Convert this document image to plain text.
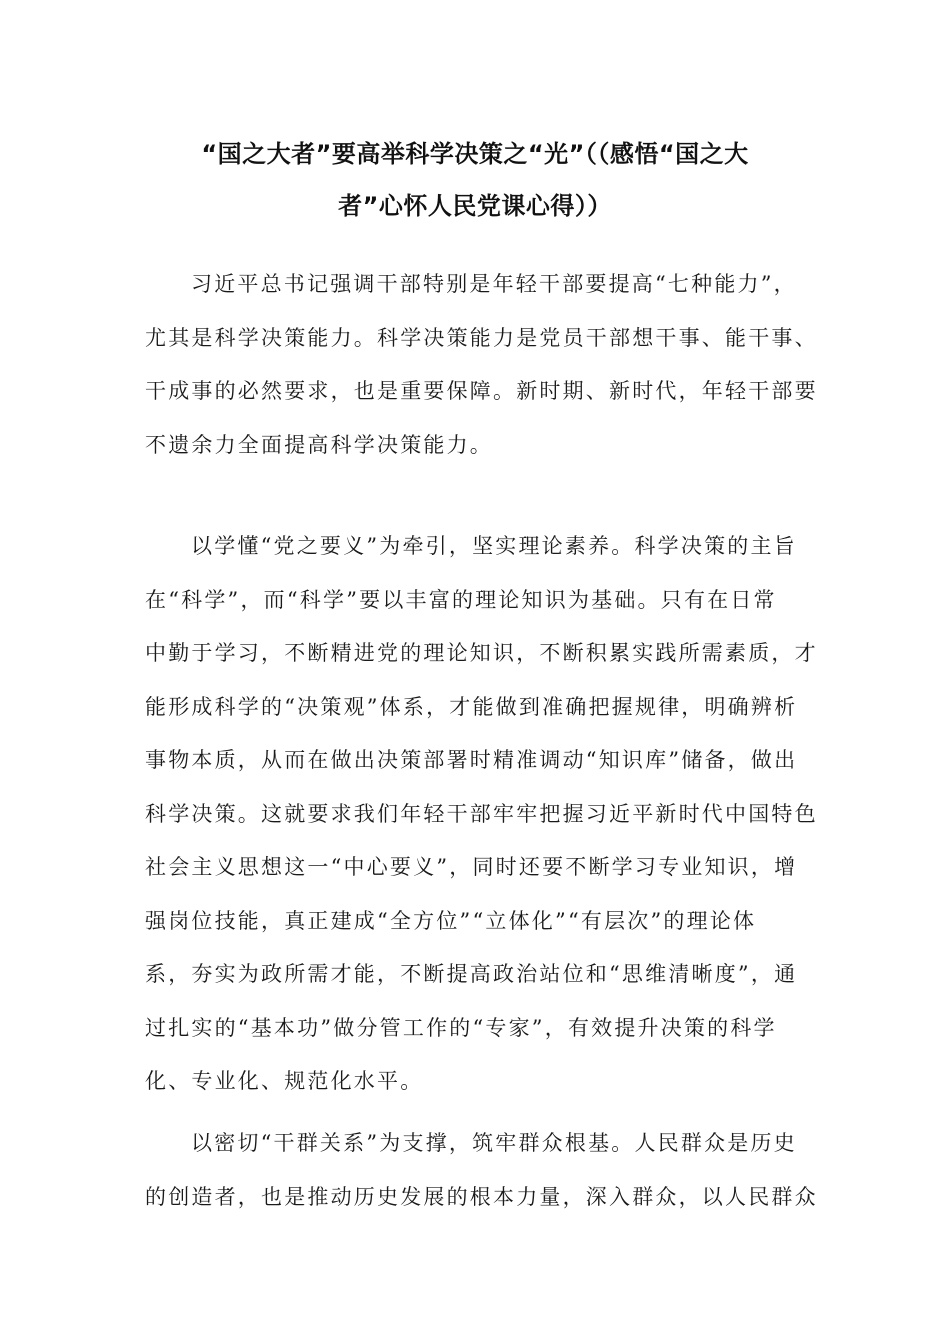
“国之大者”要高举科学决策之“光”（（感悟“国之大
者”心怀人民党课心得））
习近平总书记强调干部特别是年轻干部要提高“七种能力”，
尤其是科学决策能力。科学决策能力是党员干部想干事、能干事、
干成事的必然要求，也是重要保障。新时期、新时代，年轻干部要
不遗余力全面提高科学决策能力。
以学懂“党之要义”为牵引，坚实理论素养。科学决策的主旨
在“科学”，而“科学”要以丰富的理论知识为基础。只有在日常
中勤于学习，不断精进党的理论知识，不断积累实践所需素质，才
能形成科学的“决策观”体系，才能做到准确把握规律，明确辨析
事物本质，从而在做出决策部署时精准调动“知识库”储备，做出
科学决策。这就要求我们年轻干部牢牢把握习近平新时代中国特色
社会主义思想这一“中心要义”，同时还要不断学习专业知识，增
强岗位技能，真正建成“全方位”“立体化”“有层次”的理论体
系，夯实为政所需才能，不断提高政治站位和“思维清晰度”，通
过扎实的“基本功”做分管工作的“专家”，有效提升决策的科学
化、专业化、规范化水平。
以密切“干群关系”为支撑，筑牢群众根基。人民群众是历史
的创造者，也是推动历史发展的根本力量，深入群众，以人民群众
